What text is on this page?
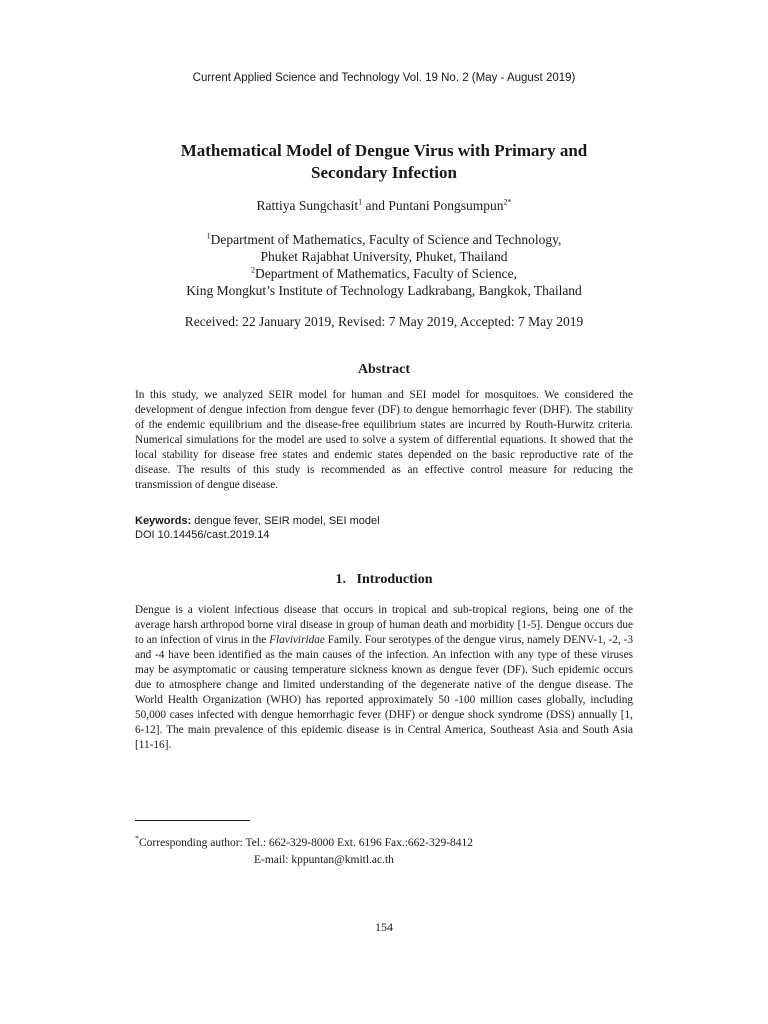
Current Applied Science and Technology Vol. 19 No. 2 (May - August 2019)
Mathematical Model of Dengue Virus with Primary and
Secondary Infection
Rattiya Sungchasit$^1$ and Puntani Pongsumpun$^{2*}$
$^1$Department of Mathematics, Faculty of Science and Technology,
Phuket Rajabhat University, Phuket, Thailand
$^2$Department of Mathematics, Faculty of Science,
King Mongkut’s Institute of Technology Ladkrabang, Bangkok, Thailand
Received: 22 January 2019, Revised: 7 May 2019, Accepted: 7 May 2019
Abstract
In this study, we analyzed SEIR model for human and SEI model for mosquitoes. We considered the development of dengue infection from dengue fever (DF) to dengue hemorrhagic fever (DHF). The stability of the endemic equilibrium and the disease-free equilibrium states are incurred by Routh-Hurwitz criteria. Numerical simulations for the model are used to solve a system of differential equations. It showed that the local stability for disease free states and endemic states depended on the basic reproductive rate of the disease. The results of this study is recommended as an effective control measure for reducing the transmission of dengue disease.
Keywords: dengue fever, SEIR model, SEI model
DOI 10.14456/cast.2019.14
1.   Introduction
Dengue is a violent infectious disease that occurs in tropical and sub-tropical regions, being one of the average harsh arthropod borne viral disease in group of human death and morbidity [1-5]. Dengue occurs due to an infection of virus in the Flaviviridae Family. Four serotypes of the dengue virus, namely DENV-1, -2, -3 and -4 have been identified as the main causes of the infection. An infection with any type of these viruses may be asymptomatic or causing temperature sickness known as dengue fever (DF). Such epidemic occurs due to atmosphere change and limited understanding of the degenerate native of the dengue disease. The World Health Organization (WHO) has reported approximately 50 -100 million cases globally, including 50,000 cases infected with dengue hemorrhagic fever (DHF) or dengue shock syndrome (DSS) annually [1, 6-12]. The main prevalence of this epidemic disease is in Central America, Southeast Asia and South Asia [11-16].
*Corresponding author: Tel.: 662-329-8000 Ext. 6196 Fax.:662-329-8412
E-mail: kppuntan@kmitl.ac.th
154
